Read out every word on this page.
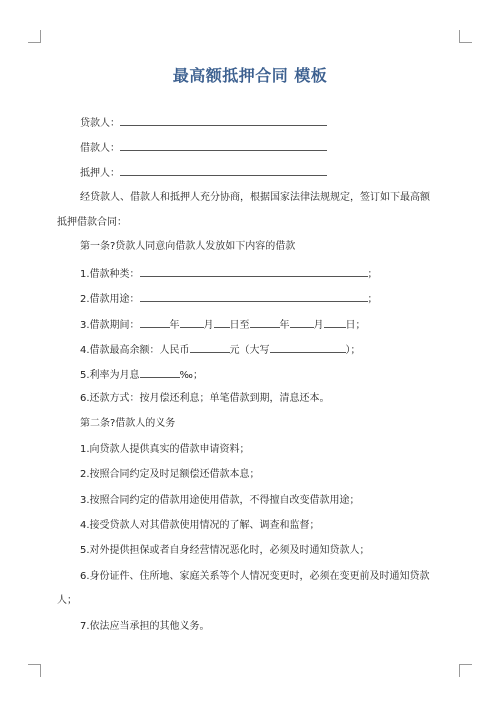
最高额抵押合同 模板
贷款人：
借款人：
抵押人：
经贷款人、借款人和抵押人充分协商，根据国家法律法规规定，签订如下最高额
抵押借款合同：
第一条?贷款人同意向借款人发放如下内容的借款
1.借款种类：	；
2.借款用途：	；
3.借款期间：	年 月 日至	年 月 日；
4.借款最高余额：人民币	元（大写	）；
5.利率为月息	‰；
6.还款方式：按月偿还利息；单笔借款到期，清息还本。
第二条?借款人的义务
1.向贷款人提供真实的借款申请资料；
2.按照合同约定及时足额偿还借款本息；
3.按照合同约定的借款用途使用借款，不得擅自改变借款用途；
4.接受贷款人对其借款使用情况的了解、调查和监督；
5.对外提供担保或者自身经营情况恶化时，必须及时通知贷款人；
6.身份证件、住所地、家庭关系等个人情况变更时，必须在变更前及时通知贷款
人；
7.依法应当承担的其他义务。
